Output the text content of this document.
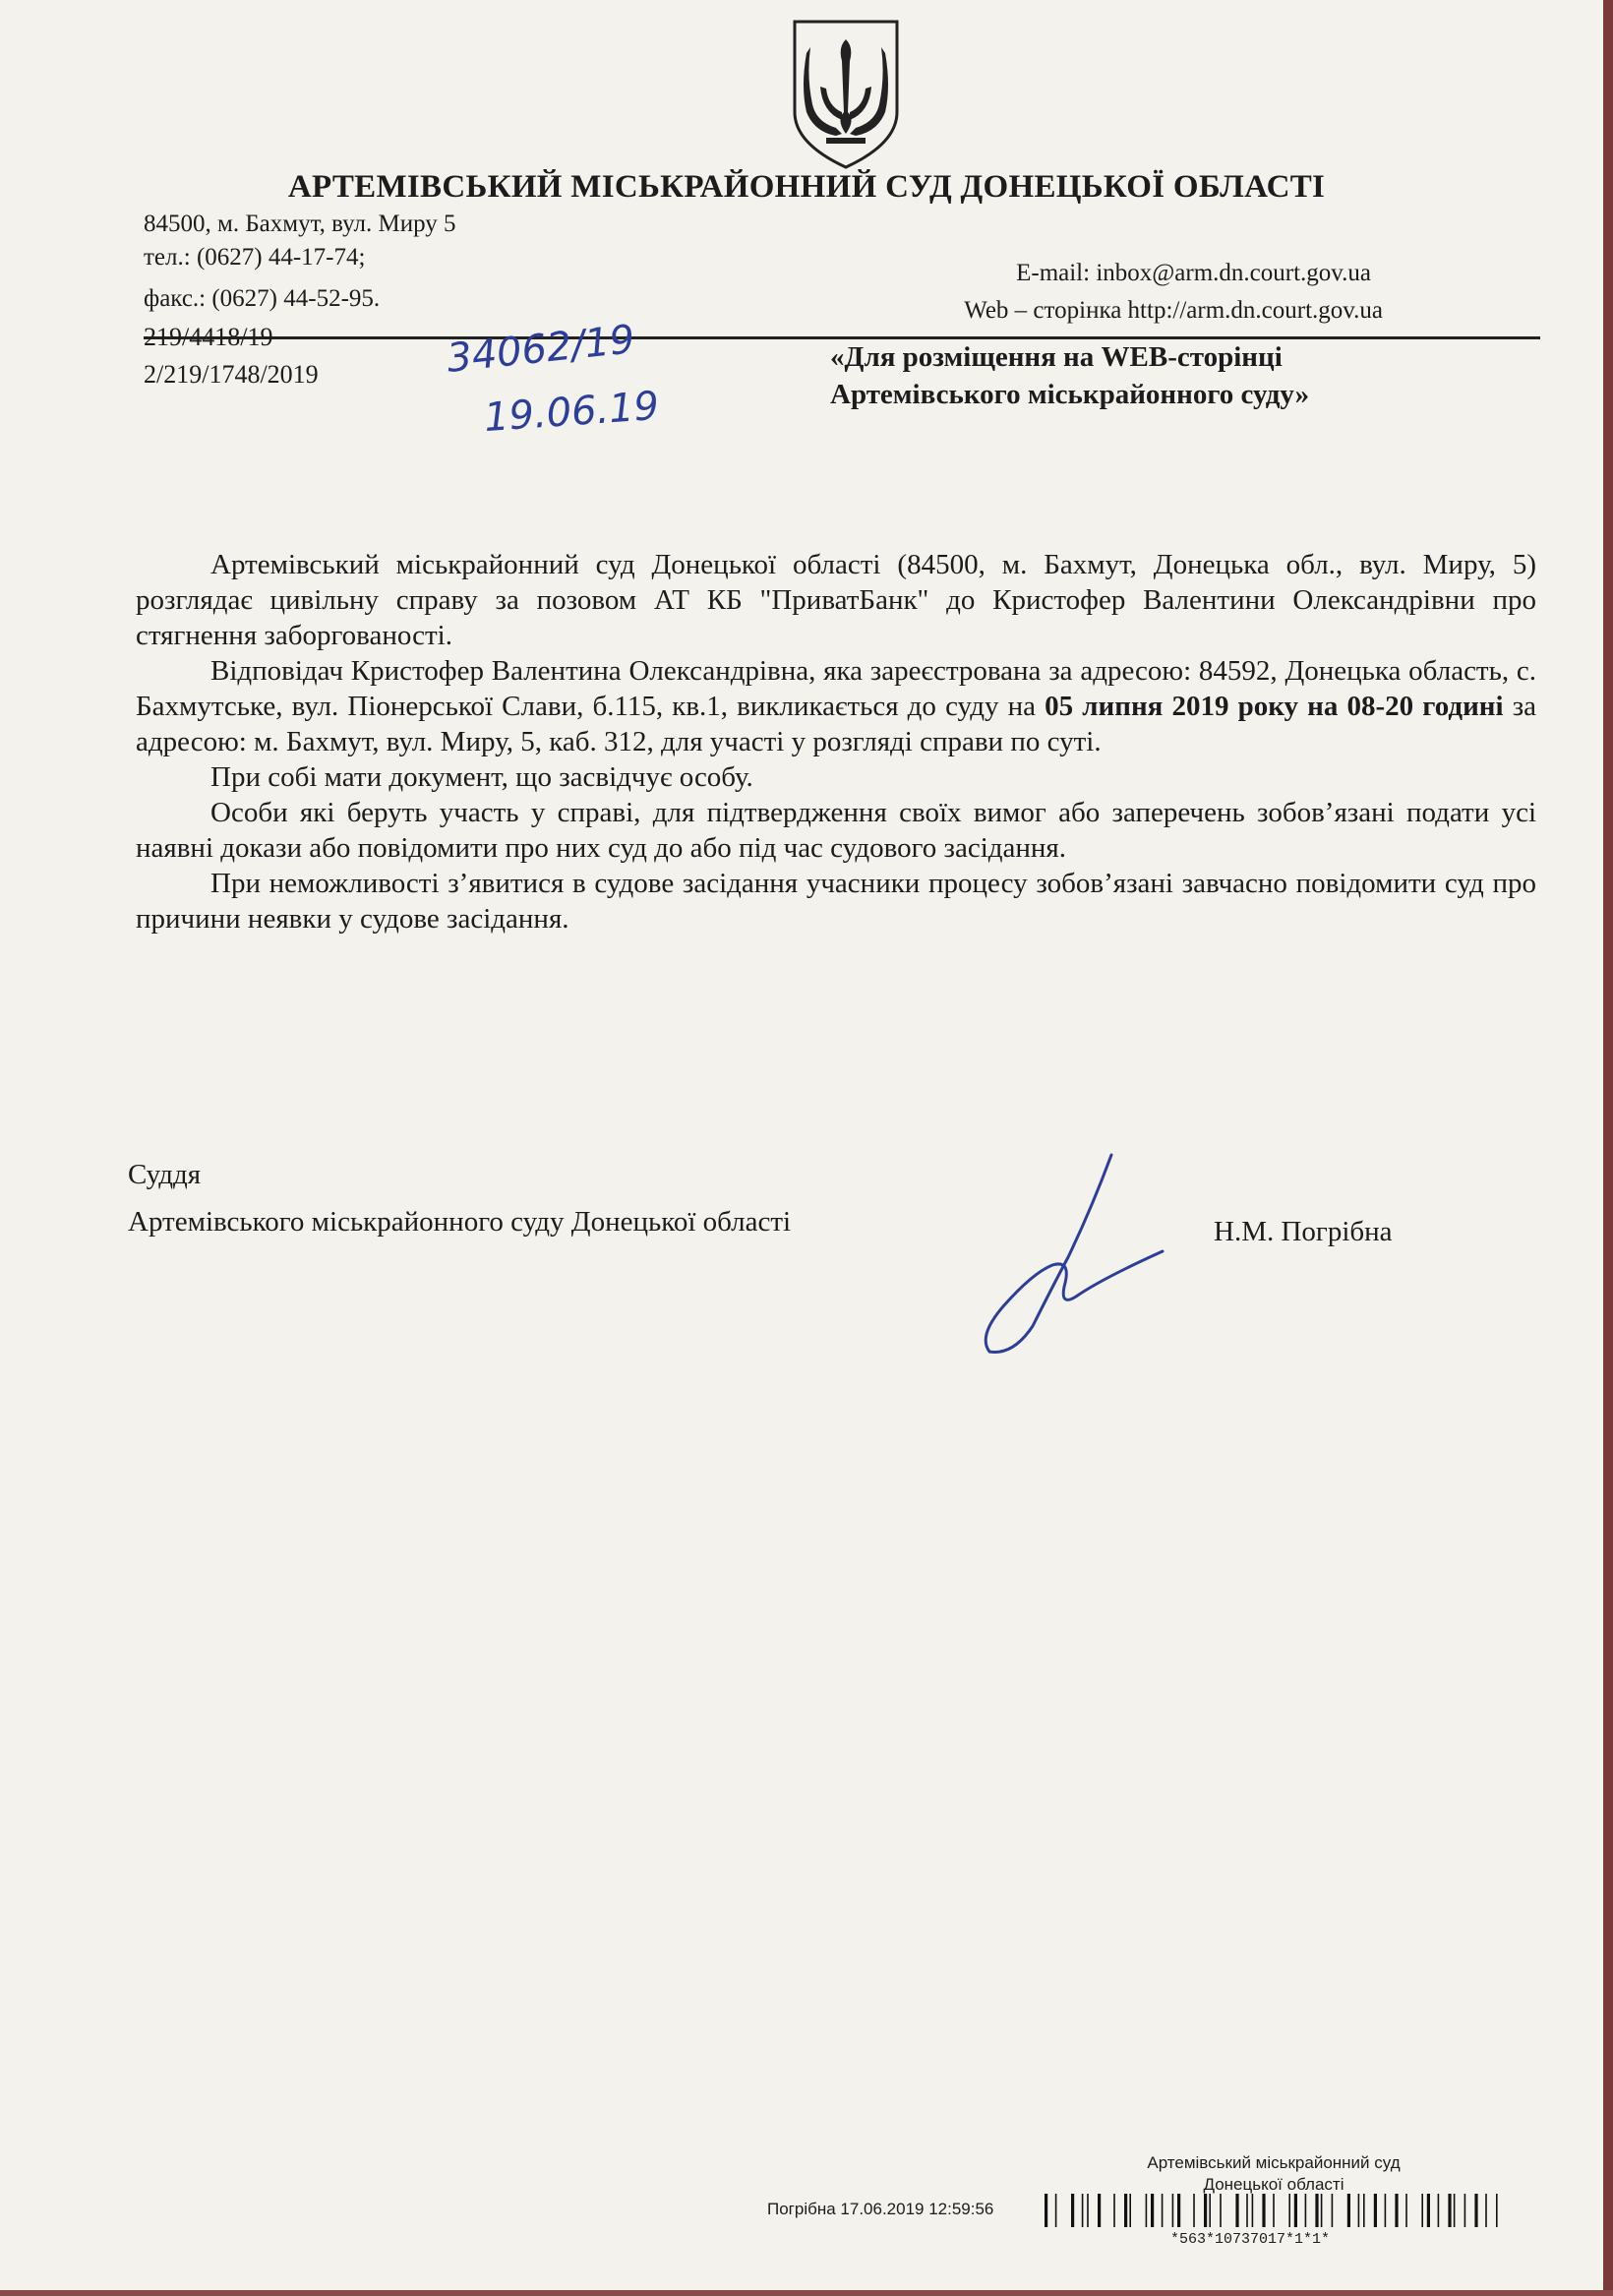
АРТЕМІВСЬКИЙ МІСЬКРАЙОННИЙ СУД ДОНЕЦЬКОЇ ОБЛАСТІ
84500, м. Бахмут, вул. Миру 5
тел.: (0627) 44-17-74;
факс.: (0627) 44-52-95.
E-mail: inbox@arm.dn.court.gov.ua
Web – сторінка http://arm.dn.court.gov.ua
219/4418/19
2/219/1748/2019	34062/19
19.06.19
«Для розміщення на WEB-сторінці
Артемівського міськрайонного суду»

Артемівський міськрайонний суд Донецької області (84500, м. Бахмут, Донецька обл., вул. Миру, 5) розглядає цивільну справу за позовом АТ КБ "ПриватБанк" до Кристофер Валентини Олександрівни про стягнення заборгованості.

Відповідач Кристофер Валентина Олександрівна, яка зареєстрована за адресою: 84592, Донецька область, с. Бахмутське, вул. Піонерської Слави, б.115, кв.1, викликається до суду на 05 липня 2019 року на 08-20 годині за адресою: м. Бахмут, вул. Миру, 5, каб. 312, для участі у розгляді справи по суті.

При собі мати документ, що засвідчує особу.

Особи які беруть участь у справі, для підтвердження своїх вимог або заперечень зобов’язані подати усі наявні докази або повідомити про них суд до або під час судового засідання.

При неможливості з’явитися в судове засідання учасники процесу зобов’язані завчасно повідомити суд про причини неявки у судове засідання.

Суддя
Артемівського міськрайонного суду Донецької області	Н.М. Погрібна
Артемівський міськрайонний суд
Донецької області
Погрібна 17.06.2019 12:59:56
*563*10737017*1*1*
